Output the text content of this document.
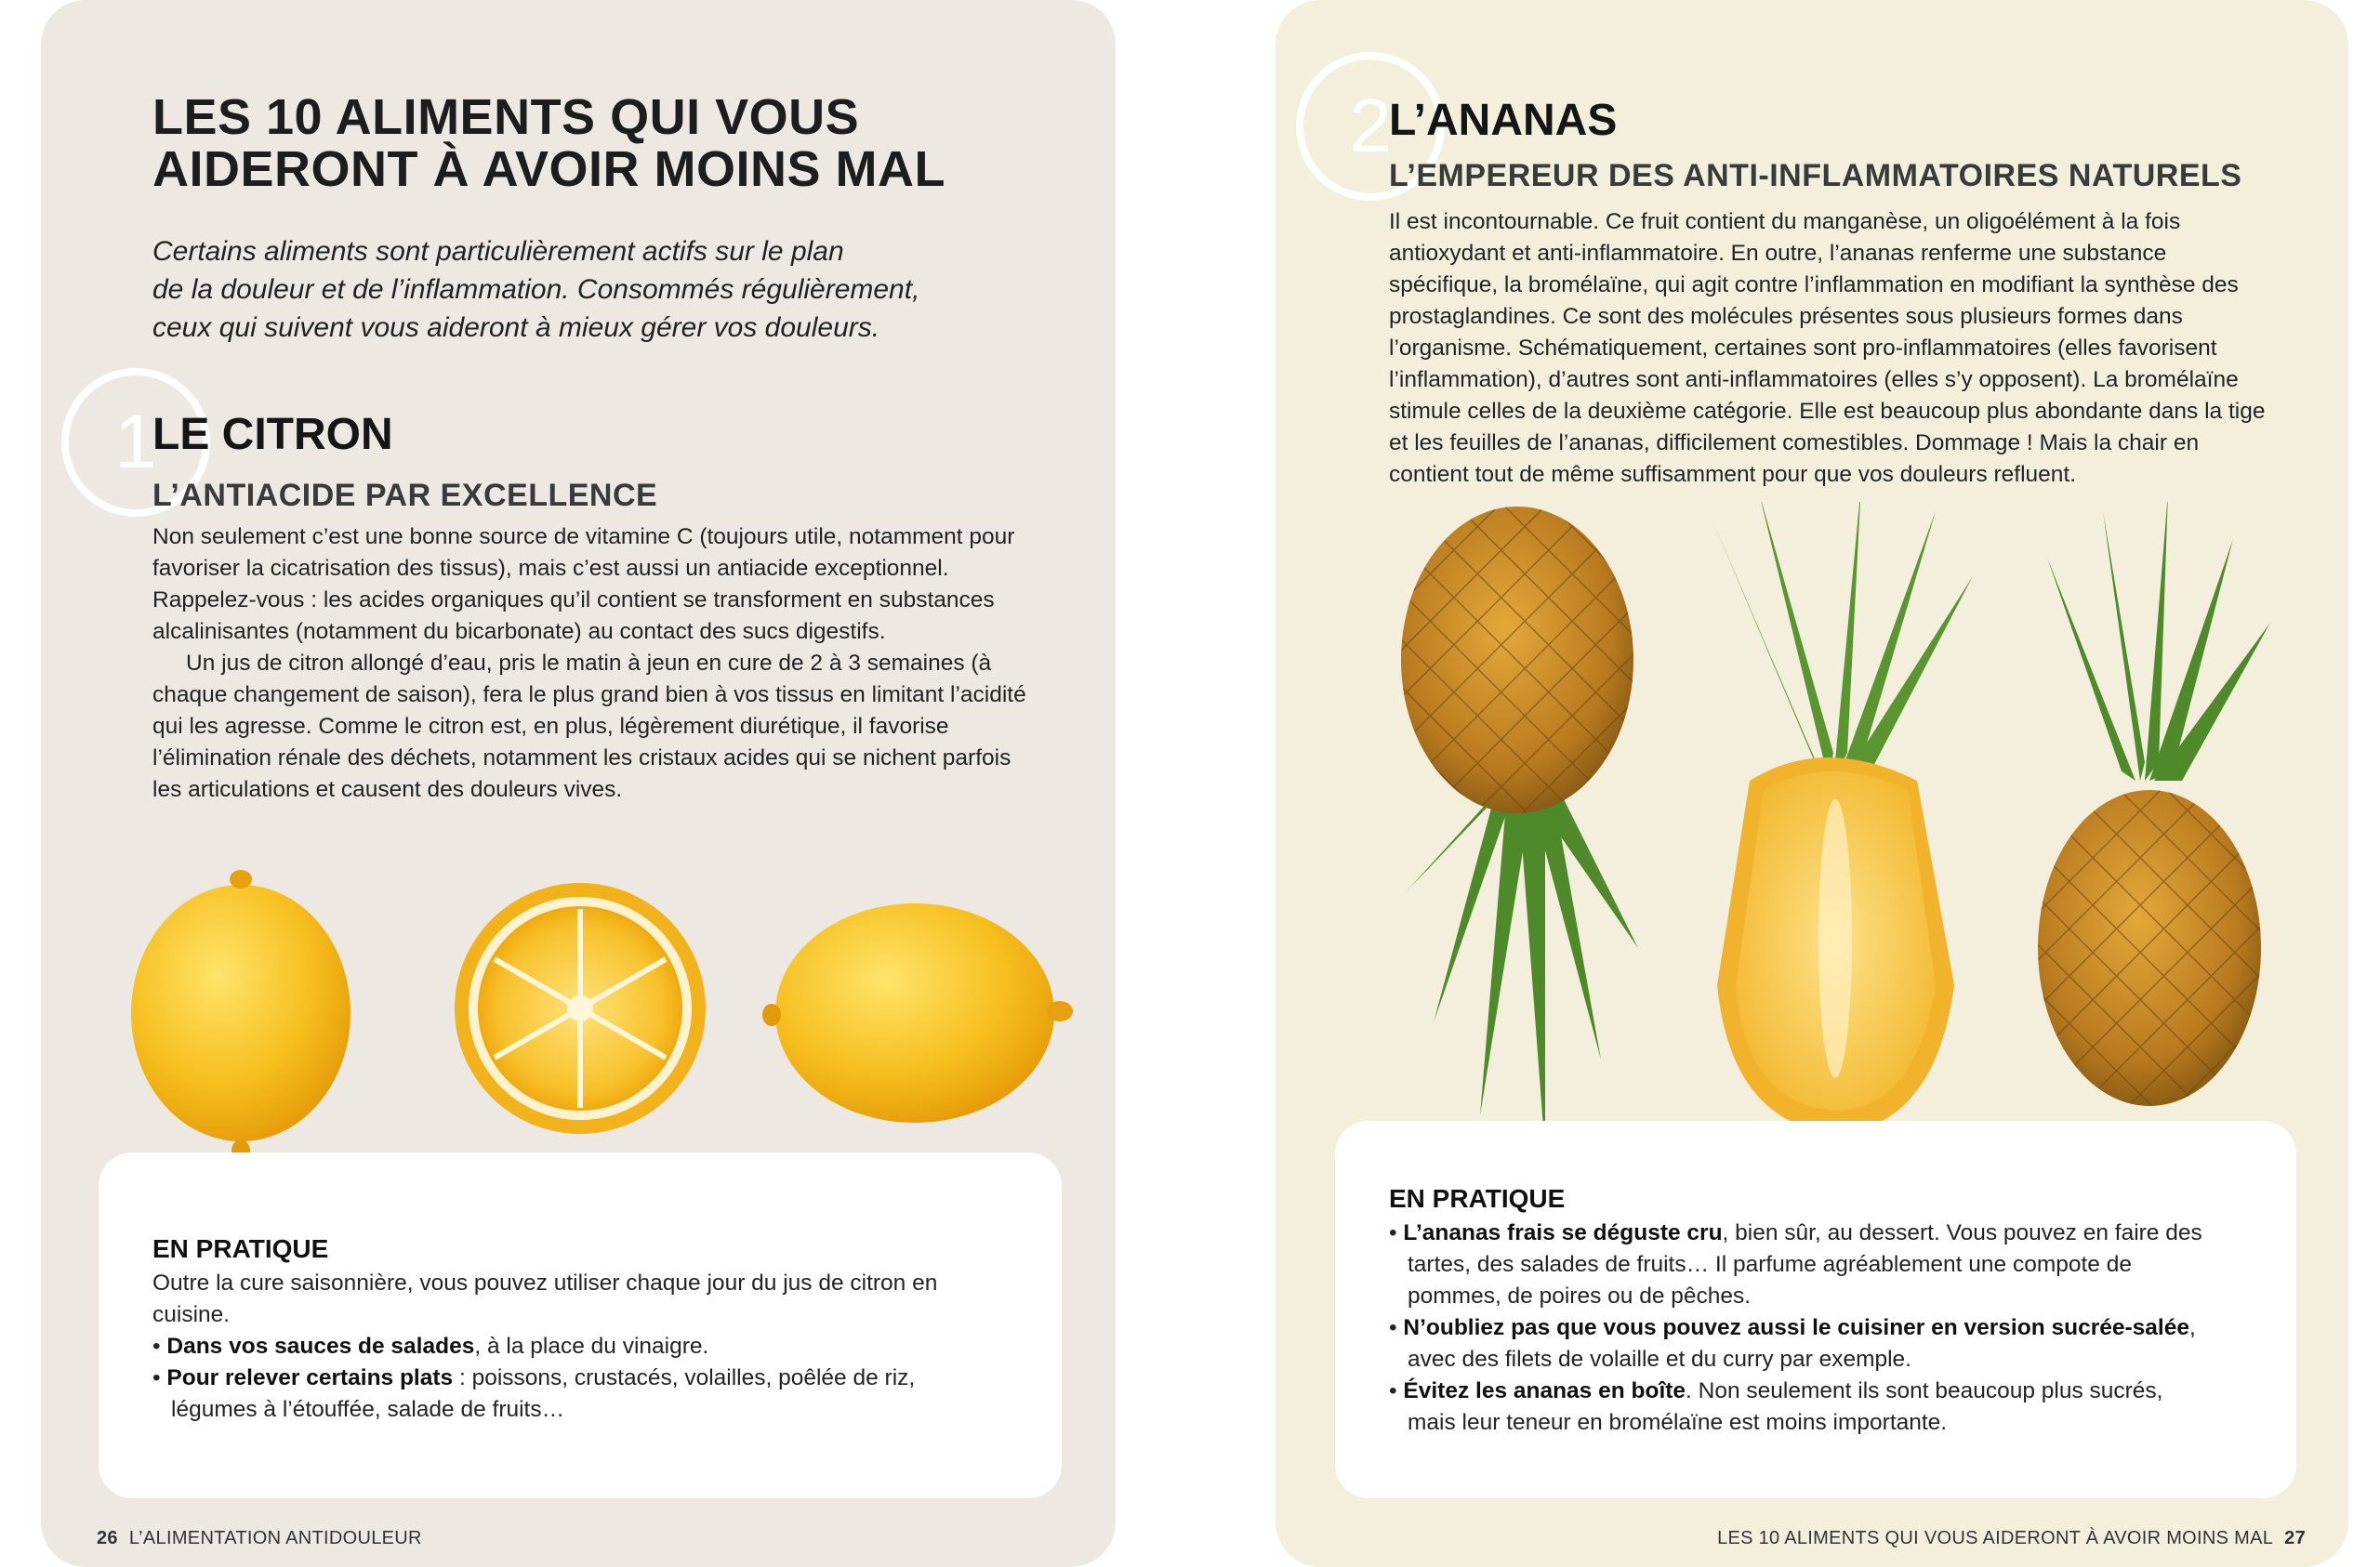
LES 10 ALIMENTS QUI VOUS
AIDERONT À AVOIR MOINS MAL
Certains aliments sont particulièrement actifs sur le plan
de la douleur et de l’inflammation. Consommés régulièrement,
ceux qui suivent vous aideront à mieux gérer vos douleurs.
1
LE CITRON
L’ANTIACIDE PAR EXCELLENCE

Non seulement c’est une bonne source de vitamine C (toujours utile, notamment pour favoriser la cicatrisation des tissus), mais c’est aussi un antiacide exceptionnel. Rappelez-vous : les acides organiques qu’il contient se transforment en substances alcalinisantes (notamment du bicarbonate) au contact des sucs digestifs.

Un jus de citron allongé d’eau, pris le matin à jeun en cure de 2 à 3 semaines (à chaque changement de saison), fera le plus grand bien à vos tissus en limitant l’acidité qui les agresse. Comme le citron est, en plus, légèrement diurétique, il favorise l’élimination rénale des déchets, notamment les cristaux acides qui se nichent parfois les articulations et causent des douleurs vives.

EN PRATIQUE

Outre la cure saisonnière, vous pouvez utiliser chaque jour du jus de citron en cuisine.

• Dans vos sauces de salades, à la place du vinaigre.

• Pour relever certains plats : poissons, crustacés, volailles, poêlée de riz, légumes à l’étouffée, salade de fruits…

26 L’ALIMENTATION ANTIDOULEUR
2
L’ANANAS
L’EMPEREUR DES ANTI-INFLAMMATOIRES NATURELS

Il est incontournable. Ce fruit contient du manganèse, un oligoélément à la fois antioxydant et anti-inflammatoire. En outre, l’ananas renferme une substance spécifique, la bromélaïne, qui agit contre l’inflammation en modifiant la synthèse des prostaglandines. Ce sont des molécules présentes sous plusieurs formes dans l’organisme. Schématiquement, certaines sont pro-inflammatoires (elles favorisent l’inflammation), d’autres sont anti-inflammatoires (elles s’y opposent). La bromélaïne stimule celles de la deuxième catégorie. Elle est beaucoup plus abondante dans la tige et les feuilles de l’ananas, difficilement comestibles. Dommage ! Mais la chair en contient tout de même suffisamment pour que vos douleurs refluent.

EN PRATIQUE

• L’ananas frais se déguste cru, bien sûr, au dessert. Vous pouvez en faire des tartes, des salades de fruits… Il parfume agréablement une compote de pommes, de poires ou de pêches.

• N’oubliez pas que vous pouvez aussi le cuisiner en version sucrée-salée, avec des filets de volaille et du curry par exemple.

• Évitez les ananas en boîte. Non seulement ils sont beaucoup plus sucrés, mais leur teneur en bromélaïne est moins importante.

LES 10 ALIMENTS QUI VOUS AIDERONT À AVOIR MOINS MAL 27
